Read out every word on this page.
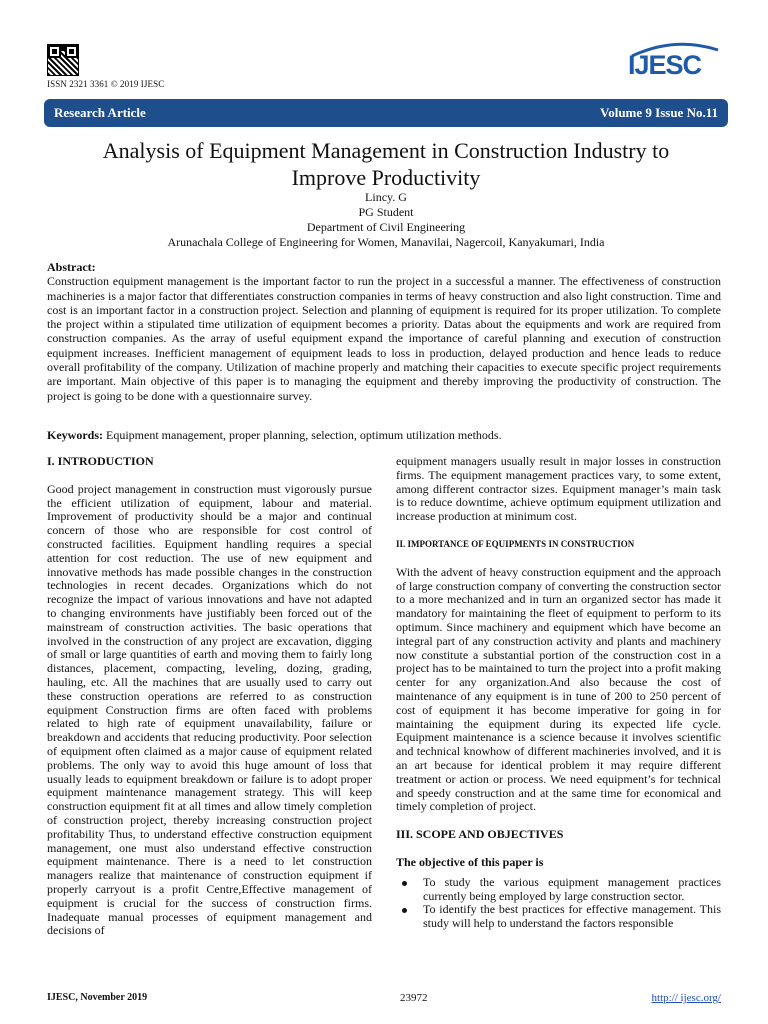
ISSN 2321 3361 © 2019 IJESC
IJESC
Research Article	Volume 9 Issue No.11
Analysis of Equipment Management in Construction Industry to
Improve Productivity
Lincy. G
PG Student
Department of Civil Engineering
Arunachala College of Engineering for Women, Manavilai, Nagercoil, Kanyakumari, India
Abstract:
Construction equipment management is the important factor to run the project in a successful a manner. The effectiveness of construction machineries is a major factor that differentiates construction companies in terms of heavy construction and also light construction. Time and cost is an important factor in a construction project. Selection and planning of equipment is required for its proper utilization. To complete the project within a stipulated time utilization of equipment becomes a priority. Datas about the equipments and work are required from construction companies. As the array of useful equipment expand the importance of careful planning and execution of construction equipment increases. Inefficient management of equipment leads to loss in production, delayed production and hence leads to reduce overall profitability of the company. Utilization of machine properly and matching their capacities to execute specific project requirements are important. Main objective of this paper is to managing the equipment and thereby improving the productivity of construction. The project is going to be done with a questionnaire survey.
Keywords: Equipment management, proper planning, selection, optimum utilization methods.
I. INTRODUCTION

Good project management in construction must vigorously pursue the efficient utilization of equipment, labour and material. Improvement of productivity should be a major and continual concern of those who are responsible for cost control of constructed facilities. Equipment handling requires a special attention for cost reduction. The use of new equipment and innovative methods has made possible changes in the construction technologies in recent decades. Organizations which do not recognize the impact of various innovations and have not adapted to changing environments have justifiably been forced out of the mainstream of construction activities. The basic operations that involved in the construction of any project are excavation, digging of small or large quantities of earth and moving them to fairly long distances, placement, compacting, leveling, dozing, grading, hauling, etc. All the machines that are usually used to carry out these construction operations are referred to as construction equipment Construction firms are often faced with problems related to high rate of equipment unavailability, failure or breakdown and accidents that reducing productivity. Poor selection of equipment often claimed as a major cause of equipment related problems. The only way to avoid this huge amount of loss that usually leads to equipment breakdown or failure is to adopt proper equipment maintenance management strategy. This will keep construction equipment fit at all times and allow timely completion of construction project, thereby increasing construction project profitability Thus, to understand effective construction equipment management, one must also understand effective construction equipment maintenance. There is a need to let construction managers realize that maintenance of construction equipment if properly carryout is a profit Centre,Effective management of equipment is crucial for the success of construction firms. Inadequate manual processes of equipment management and decisions of

equipment managers usually result in major losses in construction firms. The equipment management practices vary, to some extent, among different contractor sizes. Equipment manager’s main task is to reduce downtime, achieve optimum equipment utilization and increase production at minimum cost.

II. IMPORTANCE OF EQUIPMENTS IN CONSTRUCTION

With the advent of heavy construction equipment and the approach of large construction company of converting the construction sector to a more mechanized and in turn an organized sector has made it mandatory for maintaining the fleet of equipment to perform to its optimum. Since machinery and equipment which have become an integral part of any construction activity and plants and machinery now constitute a substantial portion of the construction cost in a project has to be maintained to turn the project into a profit making center for any organization.And also because the cost of maintenance of any equipment is in tune of 200 to 250 percent of cost of equipment it has become imperative for going in for maintaining the equipment during its expected life cycle. Equipment maintenance is a science because it involves scientific and technical knowhow of different machineries involved, and it is an art because for identical problem it may require different treatment or action or process. We need equipment’s for technical and speedy construction and at the same time for economical and timely completion of project.

III. SCOPE AND OBJECTIVES
The objective of this paper is
To study the various equipment management practices currently being employed by large construction sector.
To identify the best practices for effective management. This study will help to understand the factors responsible
IJESC, November 2019	23972	http:// ijesc.org/
